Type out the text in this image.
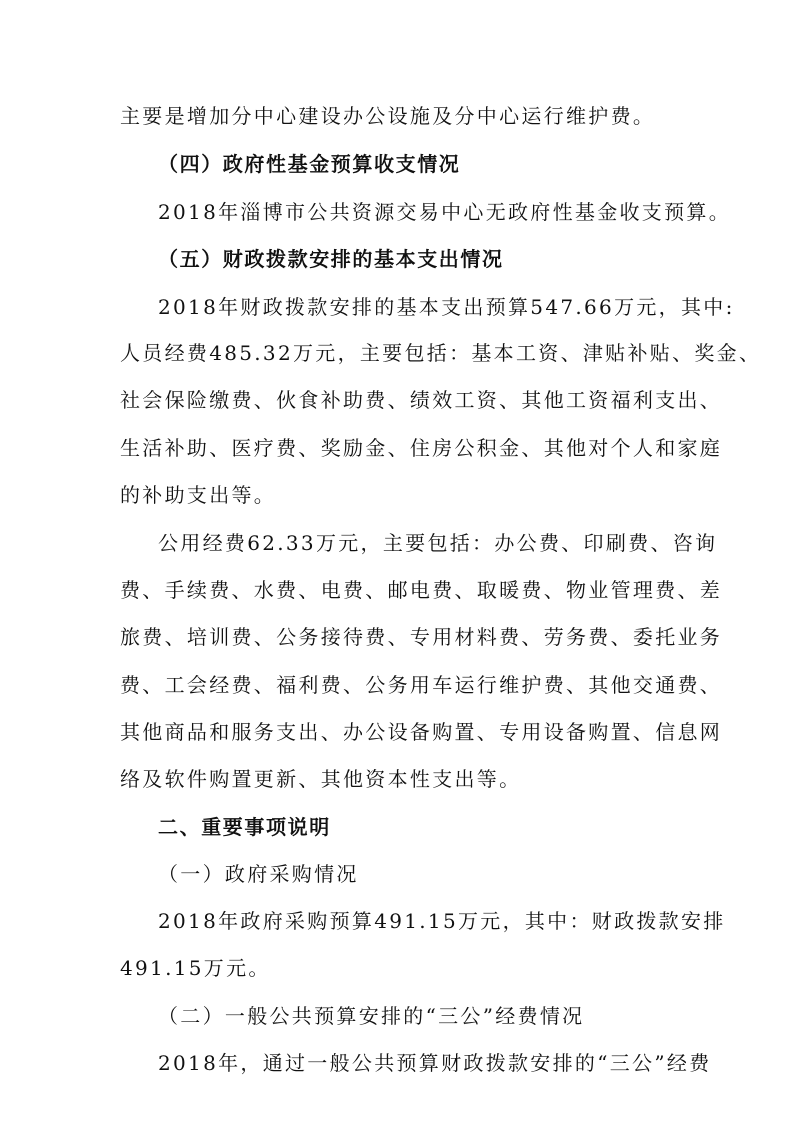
主要是增加分中心建设办公设施及分中心运行维护费。
（四）政府性基金预算收支情况
2018年淄博市公共资源交易中心无政府性基金收支预算。
（五）财政拨款安排的基本支出情况
2018年财政拨款安排的基本支出预算547.66万元，其中:
人员经费485.32万元，主要包括：基本工资、津贴补贴、奖金、
社会保险缴费、伙食补助费、绩效工资、其他工资福利支出、
生活补助、医疗费、奖励金、住房公积金、其他对个人和家庭
的补助支出等。
公用经费62.33万元，主要包括：办公费、印刷费、咨询
费、手续费、水费、电费、邮电费、取暖费、物业管理费、差
旅费、培训费、公务接待费、专用材料费、劳务费、委托业务
费、工会经费、福利费、公务用车运行维护费、其他交通费、
其他商品和服务支出、办公设备购置、专用设备购置、信息网
络及软件购置更新、其他资本性支出等。
二、重要事项说明
（一）政府采购情况
2018年政府采购预算491.15万元，其中：财政拨款安排
491.15万元。
（二）一般公共预算安排的“三公”经费情况
2018年，通过一般公共预算财政拨款安排的“三公”经费
